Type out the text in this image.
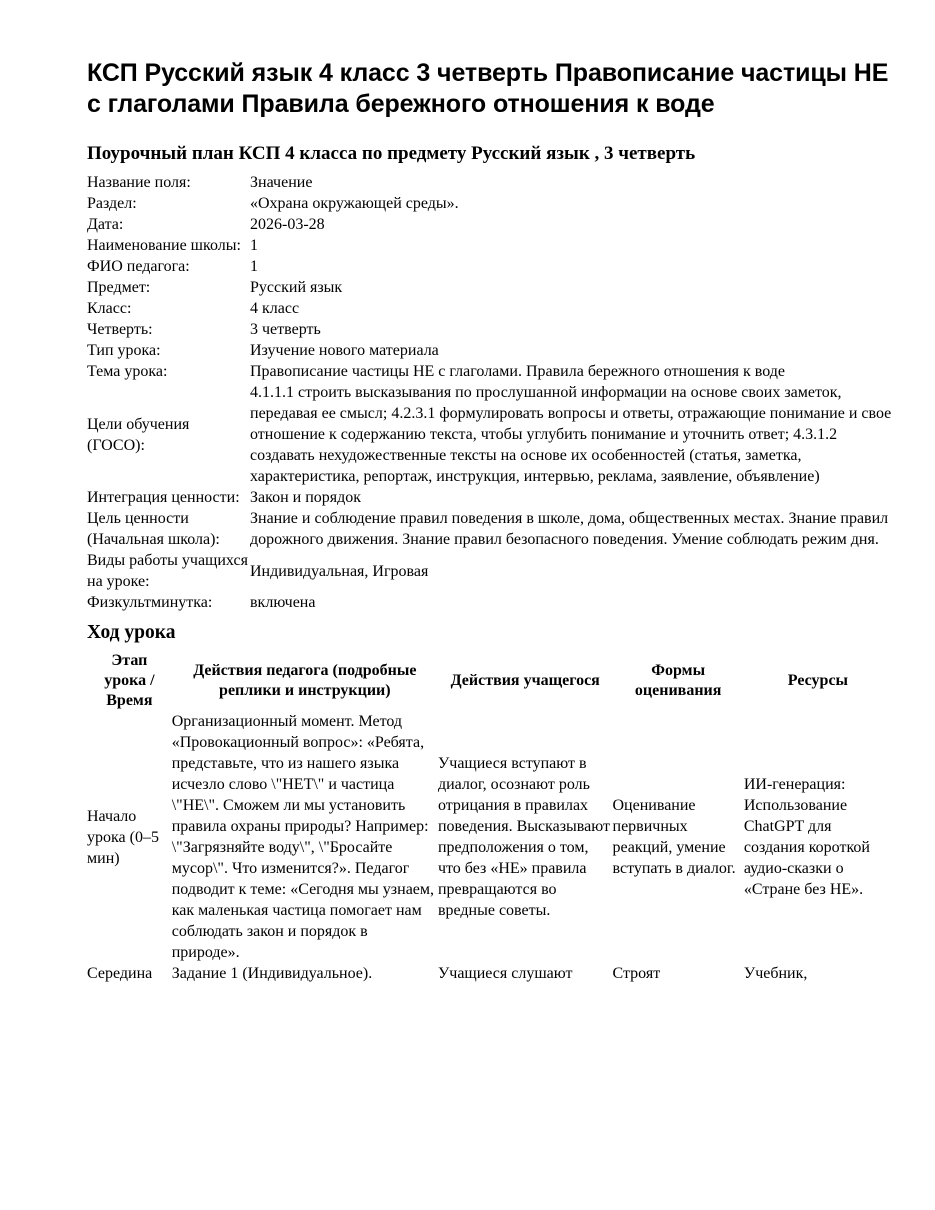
КСП Русский язык 4 класс 3 четверть Правописание частицы НЕ с глаголами Правила бережного отношения к воде
Поурочный план КСП 4 класса по предмету Русский язык , 3 четверть
Название поля:	Значение
Раздел:	«Охрана окружающей среды».
Дата:	2026-03-28
Наименование школы:	1
ФИО педагога:	1
Предмет:	Русский язык
Класс:	4 класс
Четверть:	3 четверть
Тип урока:	Изучение нового материала
Тема урока:	Правописание частицы НЕ с глаголами. Правила бережного отношения к воде
Цели обучения (ГОСО):	4.1.1.1 строить высказывания по прослушанной информации на основе своих заметок, передавая ее смысл; 4.2.3.1 формулировать вопросы и ответы, отражающие понимание и свое отношение к содержанию текста, чтобы углубить понимание и уточнить ответ; 4.3.1.2 создавать нехудожественные тексты на основе их особенностей (статья, заметка, характеристика, репортаж, инструкция, интервью, реклама, заявление, объявление)
Интеграция ценности:	Закон и порядок
Цель ценности (Начальная школа):	Знание и соблюдение правил поведения в школе, дома, общественных местах. Знание правил дорожного движения. Знание правил безопасного поведения. Умение соблюдать режим дня.
Виды работы учащихся на уроке:	Индивидуальная, Игровая
Физкультминутка:	включена
Ход урока
Этап урока / Время	Действия педагога (подробные реплики и инструкции)	Действия учащегося	Формы оценивания	Ресурсы
Начало урока (0–5 мин)	Организационный момент. Метод «Провокационный вопрос»: «Ребята, представьте, что из нашего языка исчезло слово \"НЕТ\" и частица \"НЕ\". Сможем ли мы установить правила охраны природы? Например: \"Загрязняйте воду\", \"Бросайте мусор\". Что изменится?». Педагог подводит к теме: «Сегодня мы узнаем, как маленькая частица помогает нам соблюдать закон и порядок в природе».	Учащиеся вступают в диалог, осознают роль отрицания в правилах поведения. Высказывают предположения о том, что без «НЕ» правила превращаются во вредные советы.	Оценивание первичных реакций, умение вступать в диалог.	ИИ-генерация: Использование ChatGPT для создания короткой аудио-сказки о «Стране без НЕ».
Середина	Задание 1 (Индивидуальное).	Учащиеся слушают	Строят	Учебник,
